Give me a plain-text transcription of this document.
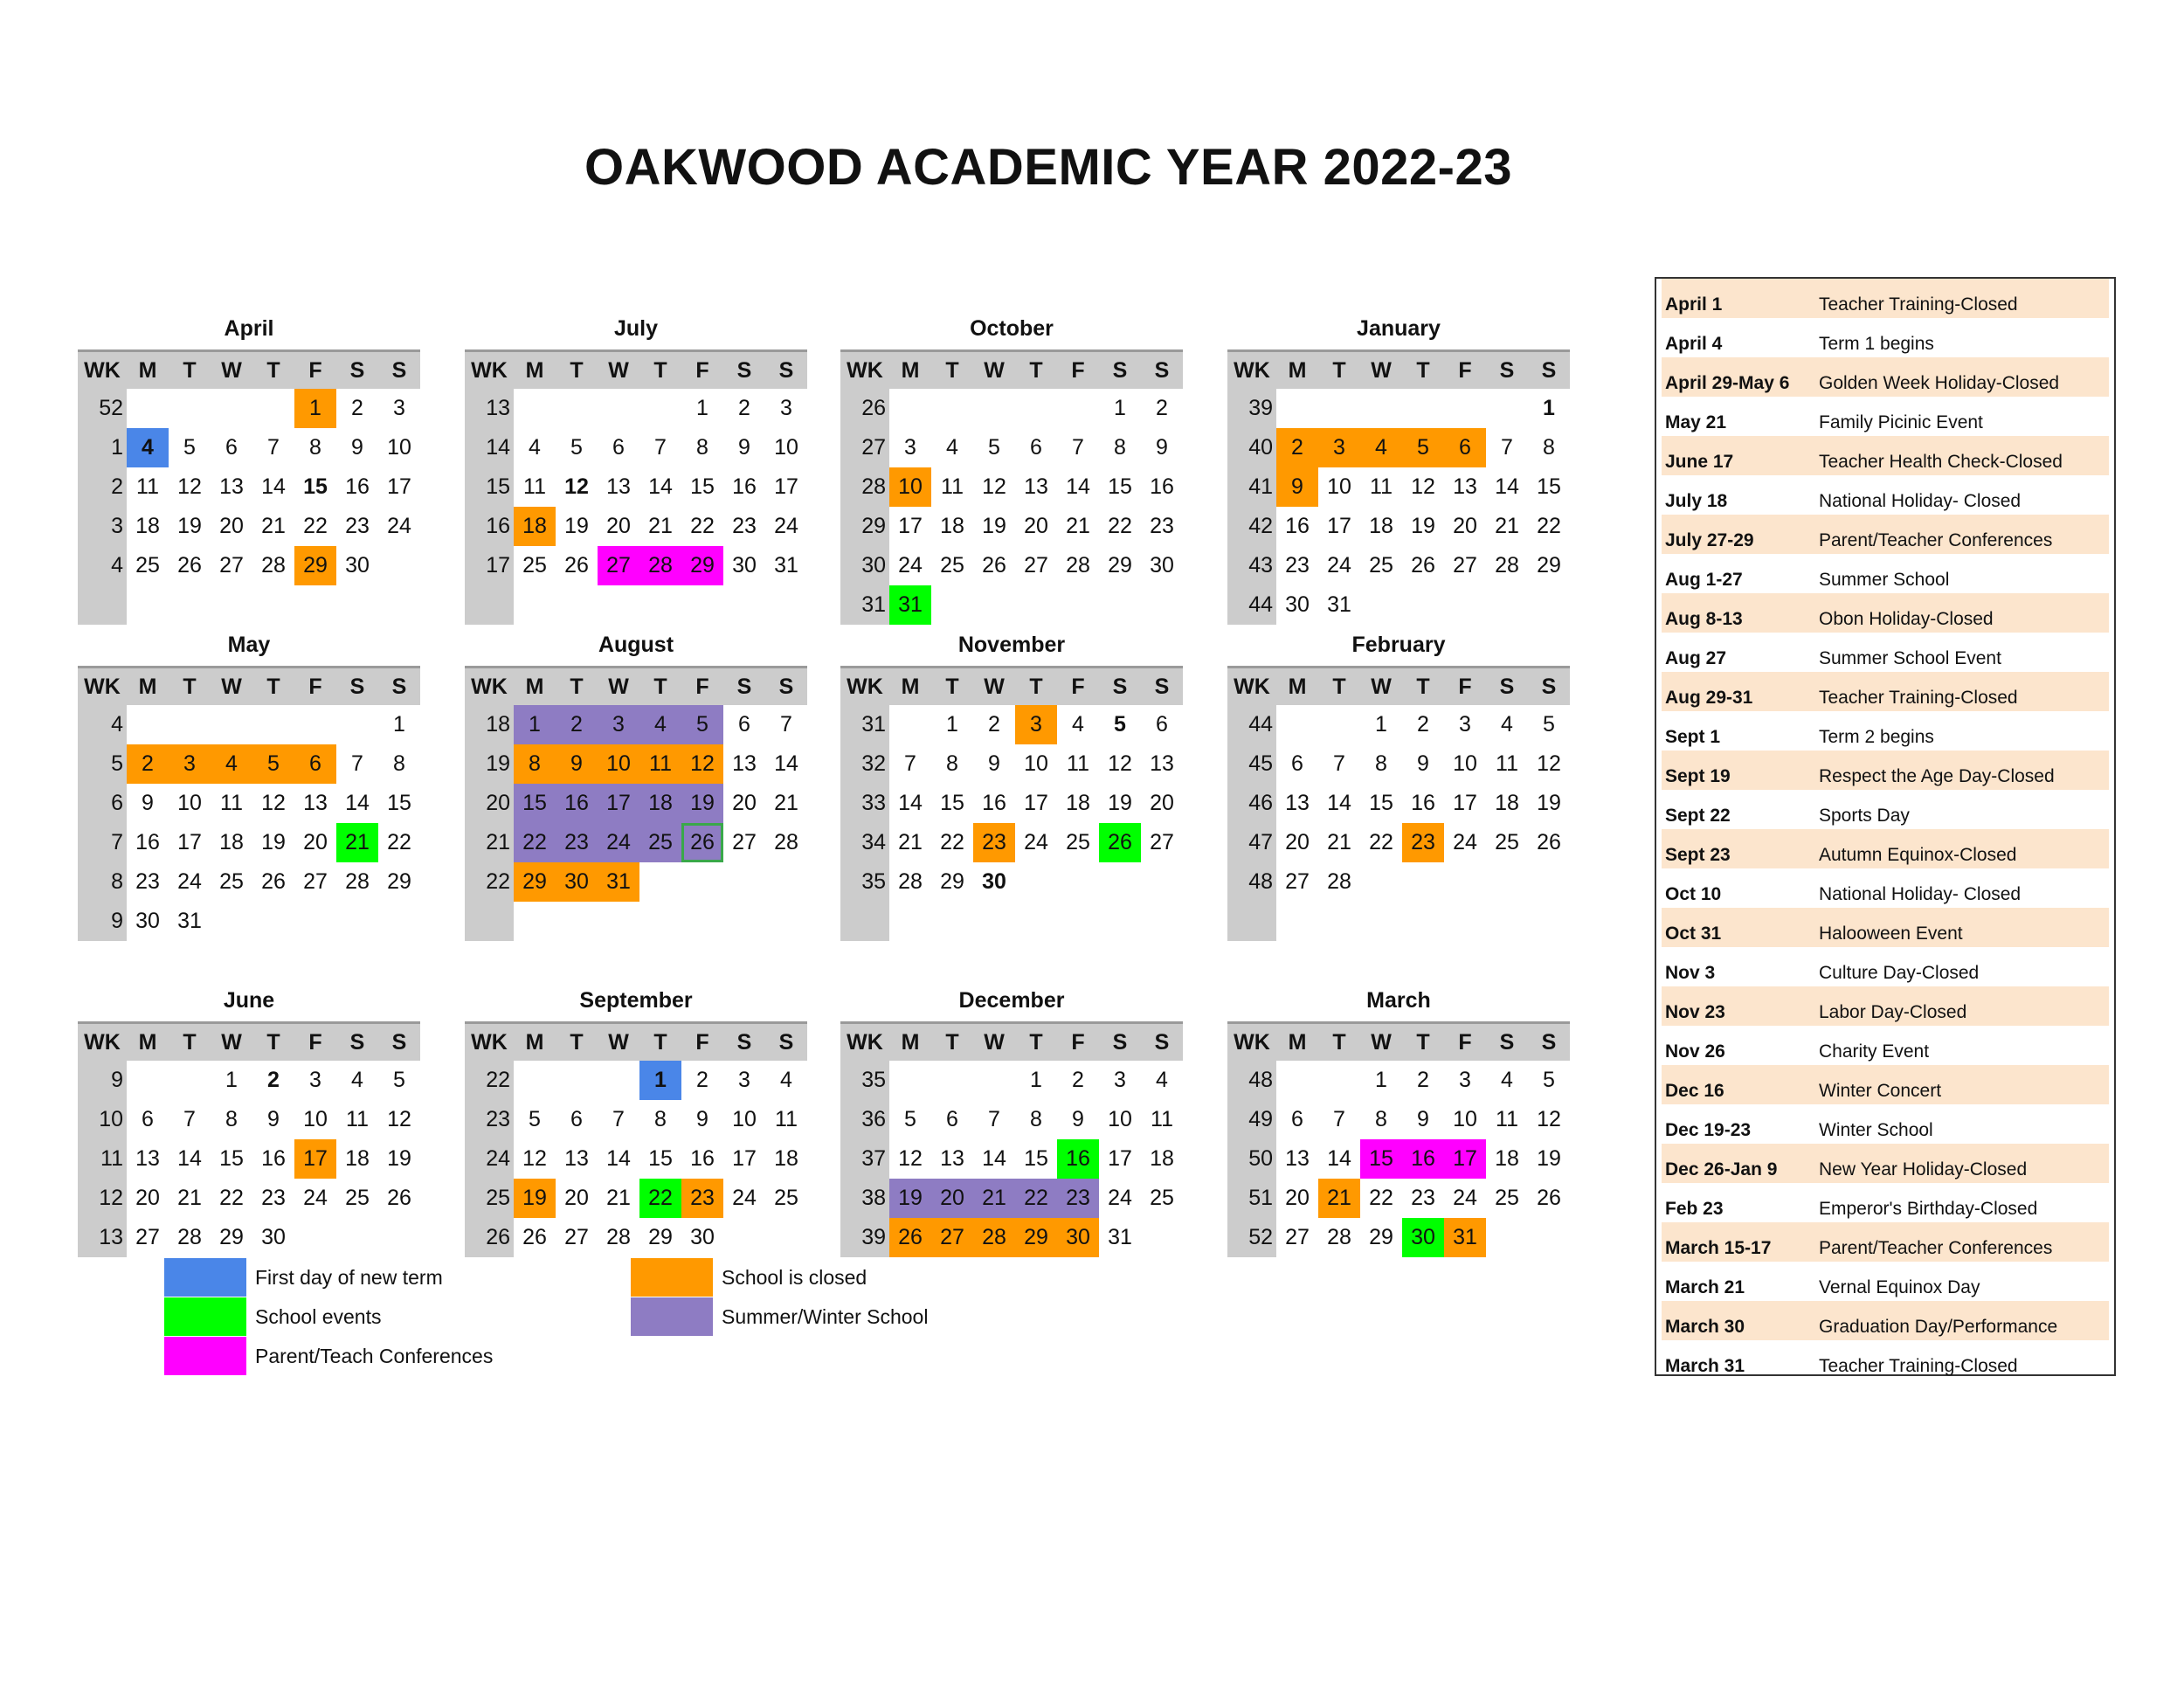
OAKWOOD ACADEMIC YEAR 2022-23
April
WK	M	T	W	T	F	S	S
52					1	2	3
1	4	5	6	7	8	9	10
2	11	12	13	14	15	16	17
3	18	19	20	21	22	23	24
4	25	26	27	28	29	30	

July
WK	M	T	W	T	F	S	S
13					1	2	3
14	4	5	6	7	8	9	10
15	11	12	13	14	15	16	17
16	18	19	20	21	22	23	24
17	25	26	27	28	29	30	31

October
WK	M	T	W	T	F	S	S
26						1	2
27	3	4	5	6	7	8	9
28	10	11	12	13	14	15	16
29	17	18	19	20	21	22	23
30	24	25	26	27	28	29	30
31	31						
January
WK	M	T	W	T	F	S	S
39							1
40	2	3	4	5	6	7	8
41	9	10	11	12	13	14	15
42	16	17	18	19	20	21	22
43	23	24	25	26	27	28	29
44	30	31					
May
WK	M	T	W	T	F	S	S
4							1
5	2	3	4	5	6	7	8
6	9	10	11	12	13	14	15
7	16	17	18	19	20	21	22
8	23	24	25	26	27	28	29
9	30	31					
August
WK	M	T	W	T	F	S	S
18	1	2	3	4	5	6	7
19	8	9	10	11	12	13	14
20	15	16	17	18	19	20	21
21	22	23	24	25	26	27	28
22	29	30	31				

November
WK	M	T	W	T	F	S	S
31		1	2	3	4	5	6
32	7	8	9	10	11	12	13
33	14	15	16	17	18	19	20
34	21	22	23	24	25	26	27
35	28	29	30				

February
WK	M	T	W	T	F	S	S
44			1	2	3	4	5
45	6	7	8	9	10	11	12
46	13	14	15	16	17	18	19
47	20	21	22	23	24	25	26
48	27	28					

June
WK	M	T	W	T	F	S	S
9			1	2	3	4	5
10	6	7	8	9	10	11	12
11	13	14	15	16	17	18	19
12	20	21	22	23	24	25	26
13	27	28	29	30			
September
WK	M	T	W	T	F	S	S
22				1	2	3	4
23	5	6	7	8	9	10	11
24	12	13	14	15	16	17	18
25	19	20	21	22	23	24	25
26	26	27	28	29	30		
December
WK	M	T	W	T	F	S	S
35				1	2	3	4
36	5	6	7	8	9	10	11
37	12	13	14	15	16	17	18
38	19	20	21	22	23	24	25
39	26	27	28	29	30	31	
March
WK	M	T	W	T	F	S	S
48			1	2	3	4	5
49	6	7	8	9	10	11	12
50	13	14	15	16	17	18	19
51	20	21	22	23	24	25	26
52	27	28	29	30	31		
First day of new term
School events
Parent/Teach Conferences
School is closed
Summer/Winter School
April 1	Teacher Training-Closed
April 4	Term 1 begins
April 29-May 6	Golden Week Holiday-Closed
May 21	Family Picinic Event
June 17	Teacher Health Check-Closed
July 18	National Holiday- Closed
July 27-29	Parent/Teacher Conferences
Aug 1-27	Summer School
Aug 8-13	Obon Holiday-Closed
Aug 27	Summer School Event
Aug 29-31	Teacher Training-Closed
Sept 1	Term 2 begins
Sept 19	Respect the Age Day-Closed
Sept 22	Sports Day
Sept 23	Autumn Equinox-Closed
Oct 10	National Holiday- Closed
Oct 31	Halooween Event
Nov 3	Culture Day-Closed
Nov 23	Labor Day-Closed
Nov 26	Charity Event
Dec 16	Winter Concert
Dec 19-23	Winter School
Dec 26-Jan 9	New Year Holiday-Closed
Feb 23	Emperor's Birthday-Closed
March 15-17	Parent/Teacher Conferences
March 21	Vernal Equinox Day
March 30	Graduation Day/Performance
March 31	Teacher Training-Closed
